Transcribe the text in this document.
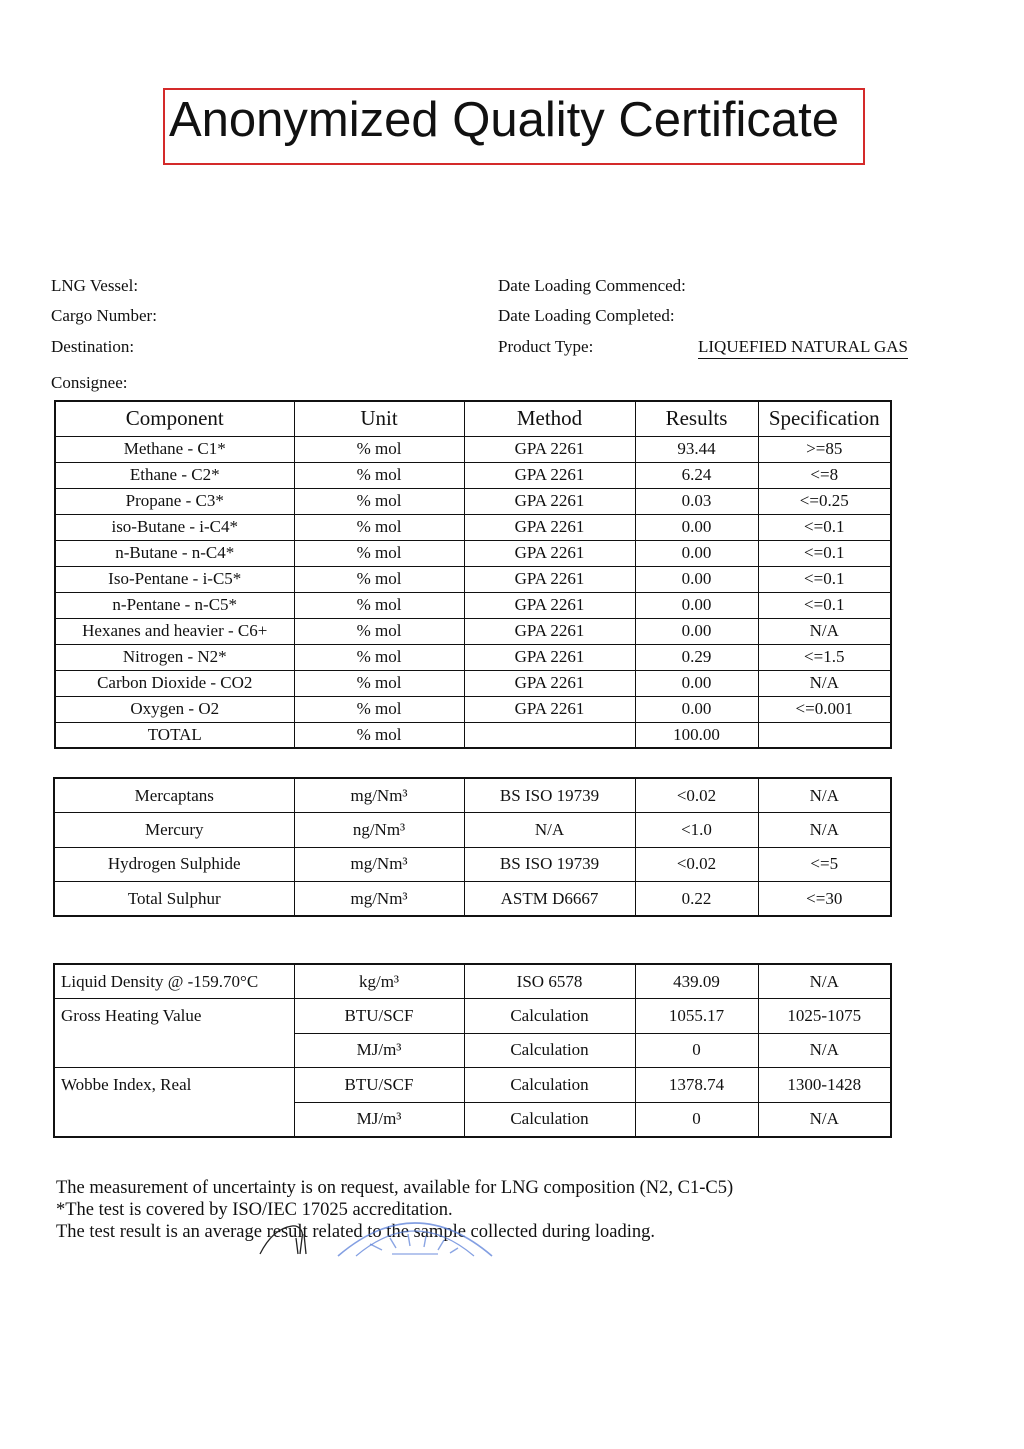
Anonymized Quality Certificate
LNG Vessel:
Cargo Number:
Destination:
Consignee:
Date Loading Commenced:
Date Loading Completed:
Product Type:	LIQUEFIED NATURAL GAS
Component	Unit	Method	Results	Specification
Methane - C1*	% mol	GPA 2261	93.44	>=85
Ethane - C2*	% mol	GPA 2261	6.24	<=8
Propane - C3*	% mol	GPA 2261	0.03	<=0.25
iso-Butane - i-C4*	% mol	GPA 2261	0.00	<=0.1
n-Butane - n-C4*	% mol	GPA 2261	0.00	<=0.1
Iso-Pentane - i-C5*	% mol	GPA 2261	0.00	<=0.1
n-Pentane - n-C5*	% mol	GPA 2261	0.00	<=0.1
Hexanes and heavier - C6+	% mol	GPA 2261	0.00	N/A
Nitrogen - N2*	% mol	GPA 2261	0.29	<=1.5
Carbon Dioxide - CO2	% mol	GPA 2261	0.00	N/A
Oxygen - O2	% mol	GPA 2261	0.00	<=0.001
TOTAL	% mol		100.00	
Mercaptans	mg/Nm³	BS ISO 19739	<0.02	N/A
Mercury	ng/Nm³	N/A	<1.0	N/A
Hydrogen Sulphide	mg/Nm³	BS ISO 19739	<0.02	<=5
Total Sulphur	mg/Nm³	ASTM D6667	0.22	<=30
Liquid Density @ -159.70°C	kg/m³	ISO 6578	439.09	N/A
Gross Heating Value	BTU/SCF	Calculation	1055.17	1025-1075
	MJ/m³	Calculation	0	N/A
Wobbe Index, Real	BTU/SCF	Calculation	1378.74	1300-1428
	MJ/m³	Calculation	0	N/A
The measurement of uncertainty is on request, available for LNG composition (N2, C1-C5)
*The test is covered by ISO/IEC 17025 accreditation.
The test result is an average result related to the sample collected during loading.
